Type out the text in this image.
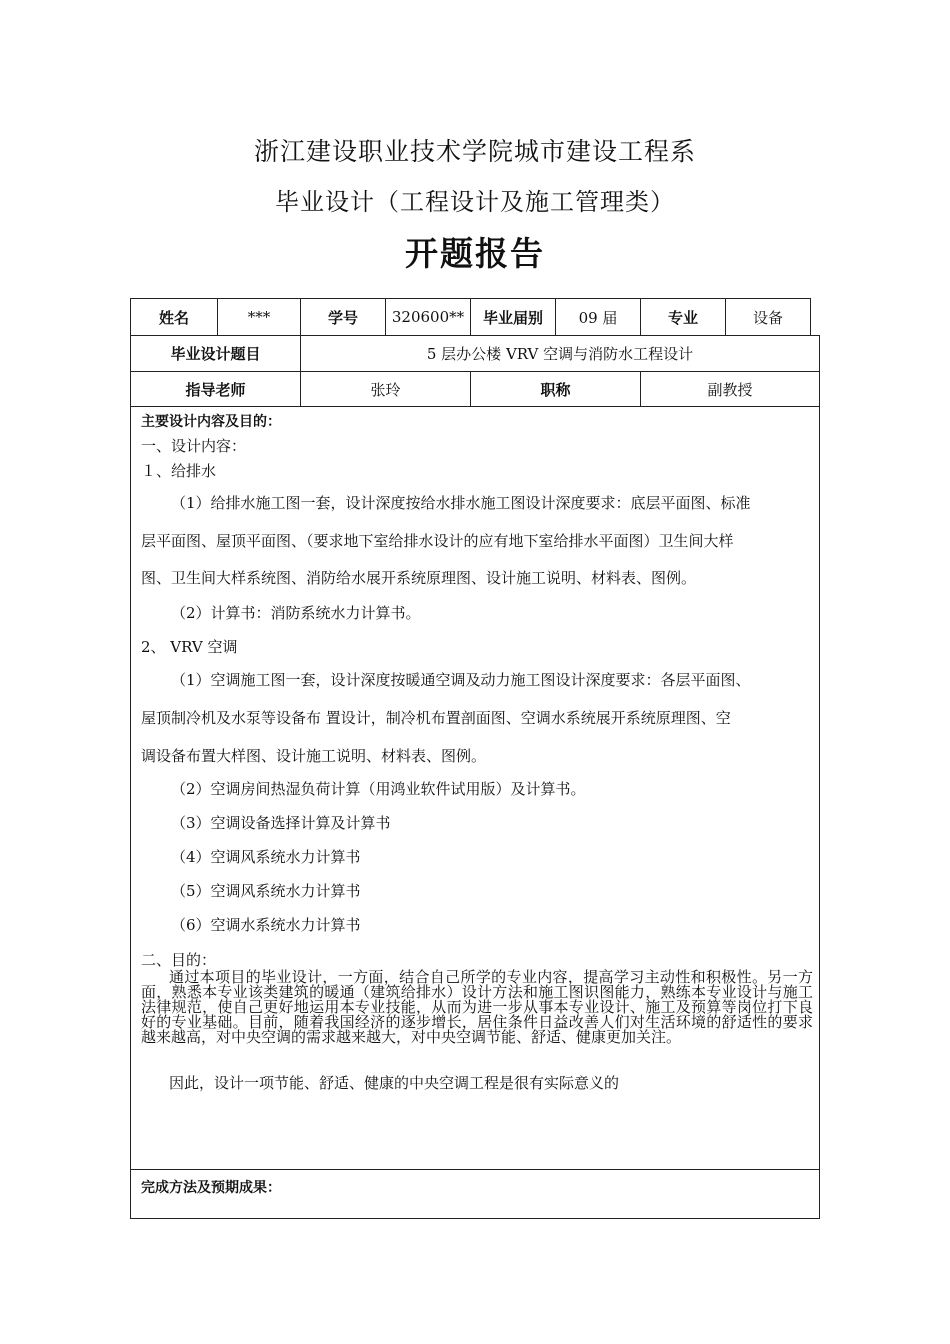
浙江建设职业技术学院城市建设工程系
毕业设计（工程设计及施工管理类）
开题报告
姓名	***	学号	320600**	毕业届别	09 届	专业	设备
毕业设计题目	5 层办公楼 VRV 空调与消防水工程设计
指导老师	张玲	职称	副教授
主要设计内容及目的：
一、设计内容：
１、给排水
（1）给排水施工图一套，设计深度按给水排水施工图设计深度要求：底层平面图、标准
层平面图、屋顶平面图、（要求地下室给排水设计的应有地下室给排水平面图）卫生间大样
图、卫生间大样系统图、消防给水展开系统原理图、设计施工说明、材料表、图例。
（2）计算书：消防系统水力计算书。
2、 VRV 空调
（1）空调施工图一套，设计深度按暖通空调及动力施工图设计深度要求：各层平面图、
屋顶制冷机及水泵等设备布 置设计，制冷机布置剖面图、空调水系统展开系统原理图、空
调设备布置大样图、设计施工说明、材料表、图例。
（2）空调房间热湿负荷计算（用鸿业软件试用版）及计算书。
（3）空调设备选择计算及计算书
（4）空调风系统水力计算书
（5）空调风系统水力计算书
（6）空调水系统水力计算书
二、目的：
通过本项目的毕业设计，一方面，结合自己所学的专业内容，提高学习主动性和积极性。另一方面，熟悉本专业该类建筑的暖通（建筑给排水）设计方法和施工图识图能力，熟练本专业设计与施工法律规范，使自己更好地运用本专业技能，从而为进一步从事本专业设计、施工及预算等岗位打下良好的专业基础。目前，随着我国经济的逐步增长，居住条件日益改善人们对生活环境的舒适性的要求越来越高，对中央空调的需求越来越大，对中央空调节能、舒适、健康更加关注。
因此，设计一项节能、舒适、健康的中央空调工程是很有实际意义的
完成方法及预期成果：
